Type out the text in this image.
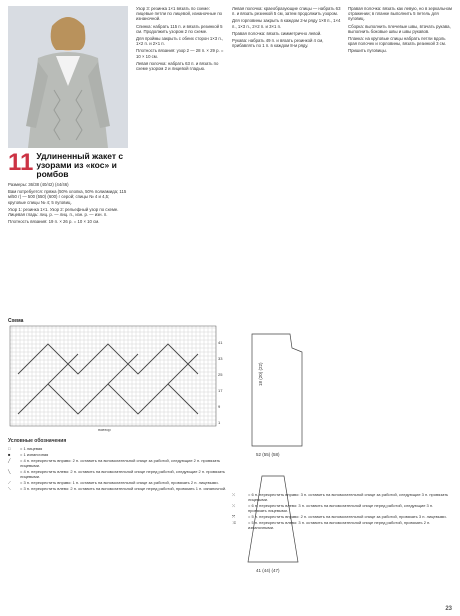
11 Удлиненный жакет с узорами из «кос» и ромбов

Размеры: 36/38 (40/42) (44/46)

Вам потребуется: пряжа (50% хлопка, 50% полиамида; 115 м/50 г) — 500 (550) (600) г серой; спицы № 4 и 4,5; круговые спицы № 4; 5 пуговиц.

Узор 1: резинка 1×1. Узор 2: рельефный узор по схеме. Лицевая гладь: лиц. р. — лиц. п., изн. р. — изн. п.

Плотность вязания: 19 п. × 26 р. = 10 × 10 см.

Узор 3: резинка 1×1 вязать по схеме: лицевые петли по лицевой, изнаночные по изнаночной.

Спинка: набрать 115 п. и вязать резинкой 5 см. Продолжить узором 2 по схеме.

Для проймы закрыть с обеих сторон 1×3 п., 1×2 п. и 2×1 п.

Плотность вязания: узор 2 — 28 п. × 29 р. = 10 × 10 см.

Левая полочка: набрать 63 п. и вязать по схеме узором 2 и лицевой гладью.

Левая полочка: краеобразующие спицы — набрать 63 п. и вязать резинкой 5 см, затем продолжить узором.

Для горловины закрыть в каждом 2-м ряду 1×8 п., 1×4 п., 1×3 п., 2×2 п. и 3×1 п.

Правая полочка: вязать симметрично левой.

Рукава: набрать 49 п. и вязать резинкой 4 см, прибавлять по 1 п. в каждом 8-м ряду.

Правая полочка: вязать как левую, но в зеркальном отражении; в планке выполнить 5 петель для пуговиц.

Сборка: выполнить плечевые швы, втачать рукава, выполнить боковые швы и швы рукавов.

Планка: на круговые спицы набрать петли вдоль края полочек и горловины, вязать резинкой 3 см.

Пришить пуговицы.

Схема
1
9
17
25
33
41
повтор
18 (20) (22)
52 (55) (58)
41 (44) (47)
Условные обозначения
□	= 1 лицевая
■	= 1 изнаночная
╱	= 4 п. перекрестить вправо: 2 п. оставить на вспомогательной спице за работой, следующие 2 п. провязать лицевыми.
╲	= 4 п. перекрестить влево: 2 п. оставить на вспомогательной спице перед работой, следующие 2 п. провязать лицевыми.
⟋	= 3 п. перекрестить вправо: 1 п. оставить на вспомогательной спице за работой, провязать 2 п. лицевыми.
⟍	= 3 п. перекрестить влево: 2 п. оставить на вспомогательной спице перед работой, провязать 1 п. изнаночной.
⤫	= 6 п. перекрестить вправо: 3 п. оставить на вспомогательной спице за работой, следующие 3 п. провязать лицевыми.
⤬	= 6 п. перекрестить влево: 3 п. оставить на вспомогательной спице перед работой, следующие 3 п. провязать лицевыми.
⤧	= 5 п. перекрестить вправо: 2 п. оставить на вспомогательной спице за работой, провязать 3 п. лицевыми.
⤨	= 5 п. перекрестить влево: 3 п. оставить на вспомогательной спице перед работой, провязать 2 п. изнаночными.
23
